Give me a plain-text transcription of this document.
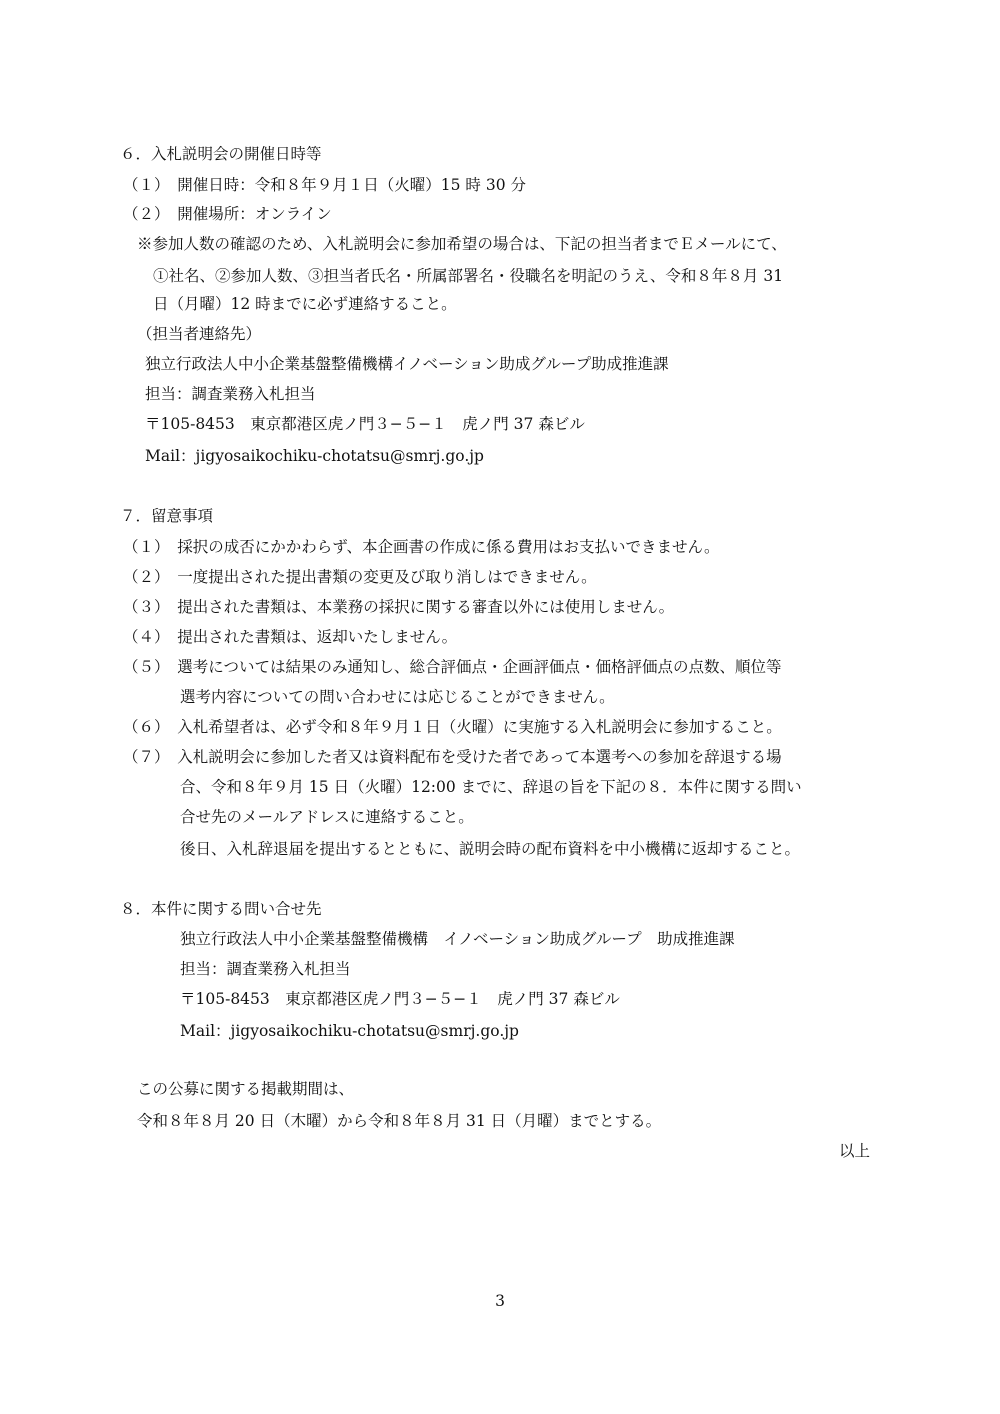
６．入札説明会の開催日時等
（１）　開催日時：令和８年９月１日（火曜）15 時 30 分
（２）　開催場所：オンライン
※参加人数の確認のため、入札説明会に参加希望の場合は、下記の担当者までＥメールにて、
①社名、②参加人数、③担当者氏名・所属部署名・役職名を明記のうえ、令和８年８月 31
日（月曜）12 時までに必ず連絡すること。
（担当者連絡先）
独立行政法人中小企業基盤整備機構イノベーション助成グループ助成推進課
担当：調査業務入札担当
〒105-8453　東京都港区虎ノ門３−５−１　虎ノ門 37 森ビル
Mail：jigyosaikochiku-chotatsu@smrj.go.jp
７．留意事項
（１）　採択の成否にかかわらず、本企画書の作成に係る費用はお支払いできません。
（２）　一度提出された提出書類の変更及び取り消しはできません。
（３）　提出された書類は、本業務の採択に関する審査以外には使用しません。
（４）　提出された書類は、返却いたしません。
（５）　選考については結果のみ通知し、総合評価点・企画評価点・価格評価点の点数、順位等
選考内容についての問い合わせには応じることができません。
（６）　入札希望者は、必ず令和８年９月１日（火曜）に実施する入札説明会に参加すること。
（７）　入札説明会に参加した者又は資料配布を受けた者であって本選考への参加を辞退する場
合、令和８年９月 15 日（火曜）12:00 までに、辞退の旨を下記の８．本件に関する問い
合せ先のメールアドレスに連絡すること。
後日、入札辞退届を提出するとともに、説明会時の配布資料を中小機構に返却すること。
８．本件に関する問い合せ先
独立行政法人中小企業基盤整備機構　イノベーション助成グループ　助成推進課
担当：調査業務入札担当
〒105-8453　東京都港区虎ノ門３−５−１　虎ノ門 37 森ビル
Mail：jigyosaikochiku-chotatsu@smrj.go.jp
この公募に関する掲載期間は、
令和８年８月 20 日（木曜）から令和８年８月 31 日（月曜）までとする。
以上
3
